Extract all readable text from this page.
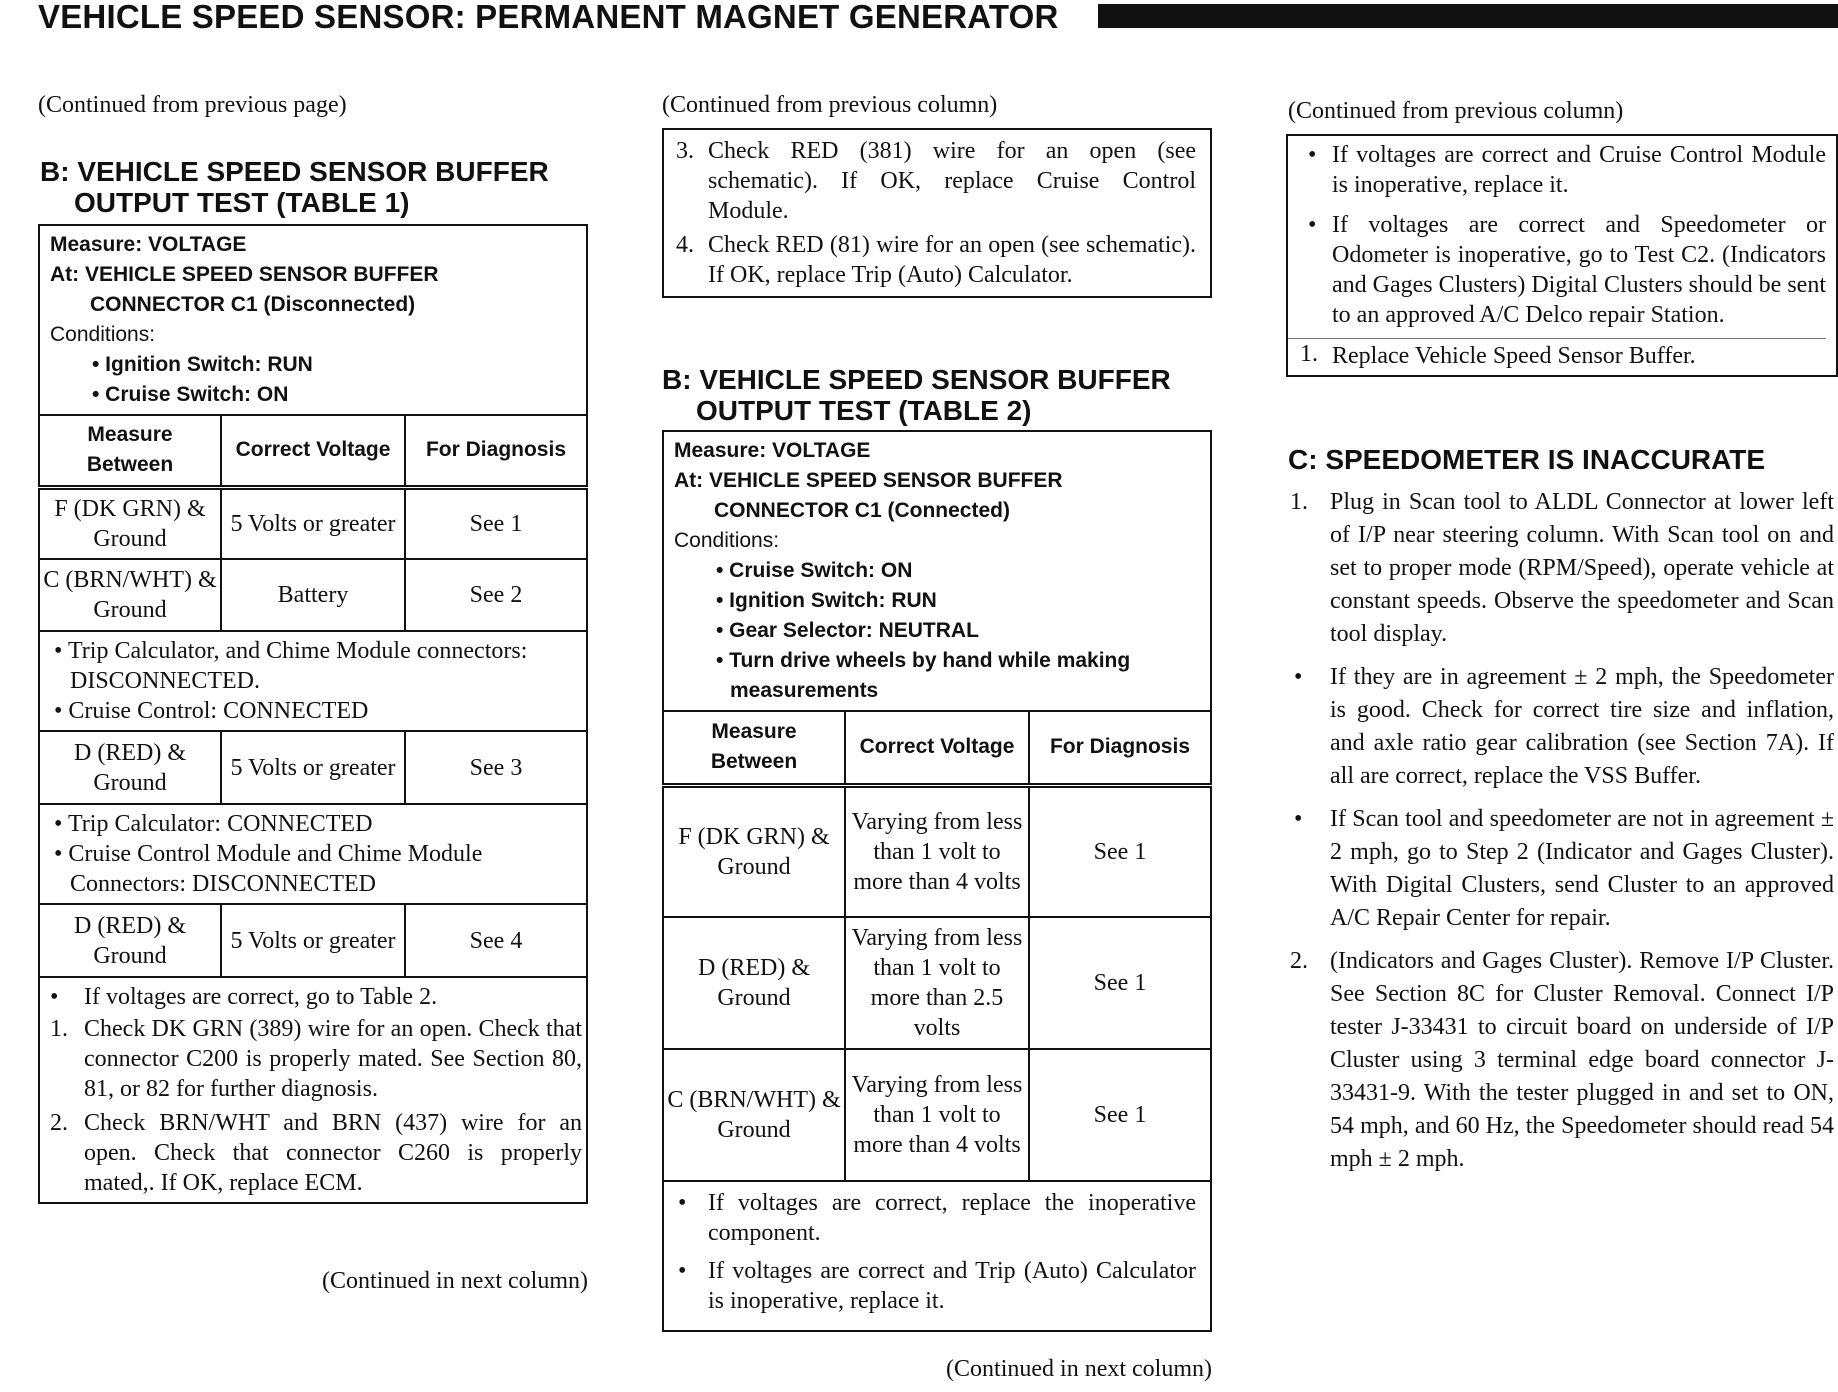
VEHICLE SPEED SENSOR: PERMANENT MAGNET GENERATOR
(Continued from previous page)
B: VEHICLE SPEED SENSOR BUFFER
OUTPUT TEST (TABLE 1)
Measure: VOLTAGE
At: VEHICLE SPEED SENSOR BUFFER
CONNECTOR C1 (Disconnected)
Conditions:
• Ignition Switch: RUN
• Cruise Switch: ON
Measure Between	Correct Voltage	For Diagnosis
F (DK GRN) & Ground	5 Volts or greater	See 1
C (BRN/WHT) & Ground	Battery	See 2
• Trip Calculator, and Chime Module connectors: DISCONNECTED.
• Cruise Control: CONNECTED
D (RED) & Ground	5 Volts or greater	See 3
• Trip Calculator: CONNECTED
• Cruise Control Module and Chime Module Connectors: DISCONNECTED
D (RED) & Ground	5 Volts or greater	See 4
• If voltages are correct, go to Table 2.
1. Check DK GRN (389) wire for an open. Check that connector C200 is properly mated. See Section 80, 81, or 82 for further diagnosis.
2. Check BRN/WHT and BRN (437) wire for an open. Check that connector C260 is properly mated,. If OK, replace ECM.
(Continued in next column)
(Continued from previous column)
3. Check RED (381) wire for an open (see schematic). If OK, replace Cruise Control Module.
4. Check RED (81) wire for an open (see schematic). If OK, replace Trip (Auto) Calculator.
B: VEHICLE SPEED SENSOR BUFFER
OUTPUT TEST (TABLE 2)
Measure: VOLTAGE
At: VEHICLE SPEED SENSOR BUFFER
CONNECTOR C1 (Connected)
Conditions:
• Cruise Switch: ON
• Ignition Switch: RUN
• Gear Selector: NEUTRAL
• Turn drive wheels by hand while making measurements
Measure Between	Correct Voltage	For Diagnosis
F (DK GRN) & Ground	Varying from less than 1 volt to more than 4 volts	See 1
D (RED) & Ground	Varying from less than 1 volt to more than 2.5 volts	See 1
C (BRN/WHT) & Ground	Varying from less than 1 volt to more than 4 volts	See 1
• If voltages are correct, replace the inoperative component.
• If voltages are correct and Trip (Auto) Calculator is inoperative, replace it.
(Continued in next column)
(Continued from previous column)
• If voltages are correct and Cruise Control Module is inoperative, replace it.
• If voltages are correct and Speedometer or Odometer is inoperative, go to Test C2. (Indicators and Gages Clusters) Digital Clusters should be sent to an approved A/C Delco repair Station.
1. Replace Vehicle Speed Sensor Buffer.
C: SPEEDOMETER IS INACCURATE
1. Plug in Scan tool to ALDL Connector at lower left of I/P near steering column. With Scan tool on and set to proper mode (RPM/Speed), operate vehicle at constant speeds. Observe the speedometer and Scan tool display.
• If they are in agreement ± 2 mph, the Speedometer is good. Check for correct tire size and inflation, and axle ratio gear calibration (see Section 7A). If all are correct, replace the VSS Buffer.
• If Scan tool and speedometer are not in agreement ± 2 mph, go to Step 2 (Indicator and Gages Cluster). With Digital Clusters, send Cluster to an approved A/C Repair Center for repair.
2. (Indicators and Gages Cluster). Remove I/P Cluster. See Section 8C for Cluster Removal. Connect I/P tester J-33431 to circuit board on underside of I/P Cluster using 3 terminal edge board connector J-33431-9. With the tester plugged in and set to ON, 54 mph, and 60 Hz, the Speedometer should read 54 mph ± 2 mph.
